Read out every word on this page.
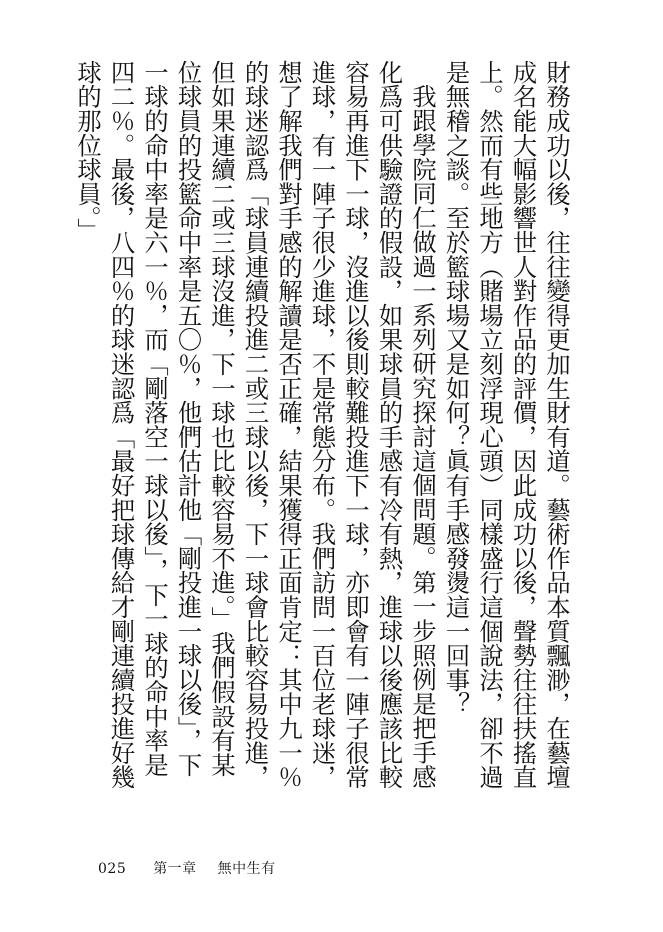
財務成功以後，往往變得更加生財有道。藝術作品本質飄渺，在藝壇成名能大幅影響世人對作品的評價，因此成功以後，聲勢往往扶搖直上。然而有些地方（賭場立刻浮現心頭）同樣盛行這個說法，卻不過是無稽之談。至於籃球場又是如何？眞有手感發燙這一回事？

我跟學院同仁做過一系列研究探討這個問題。第一步照例是把手感化爲可供驗證的假設，如果球員的手感有冷有熱，進球以後應該比較容易再進下一球，沒進以後則較難投進下一球，亦即會有一陣子很常進球，有一陣子很少進球，不是常態分布。我們訪問一百位老球迷，想了解我們對手感的解讀是否正確，結果獲得正面肯定：其中九一％的球迷認爲「球員連續投進二或三球以後，下一球會比較容易投進，但如果連續二或三球沒進，下一球也比較容易不進。」我們假設有某位球員的投籃命中率是五〇％，他們估計他「剛投進一球以後」，下一球的命中率是六一％，而「剛落空一球以後」，下一球的命中率是四二％。最後，八四％的球迷認爲「最好把球傳給才剛連續投進好幾球的那位球員。」

025 第一章 無中生有
